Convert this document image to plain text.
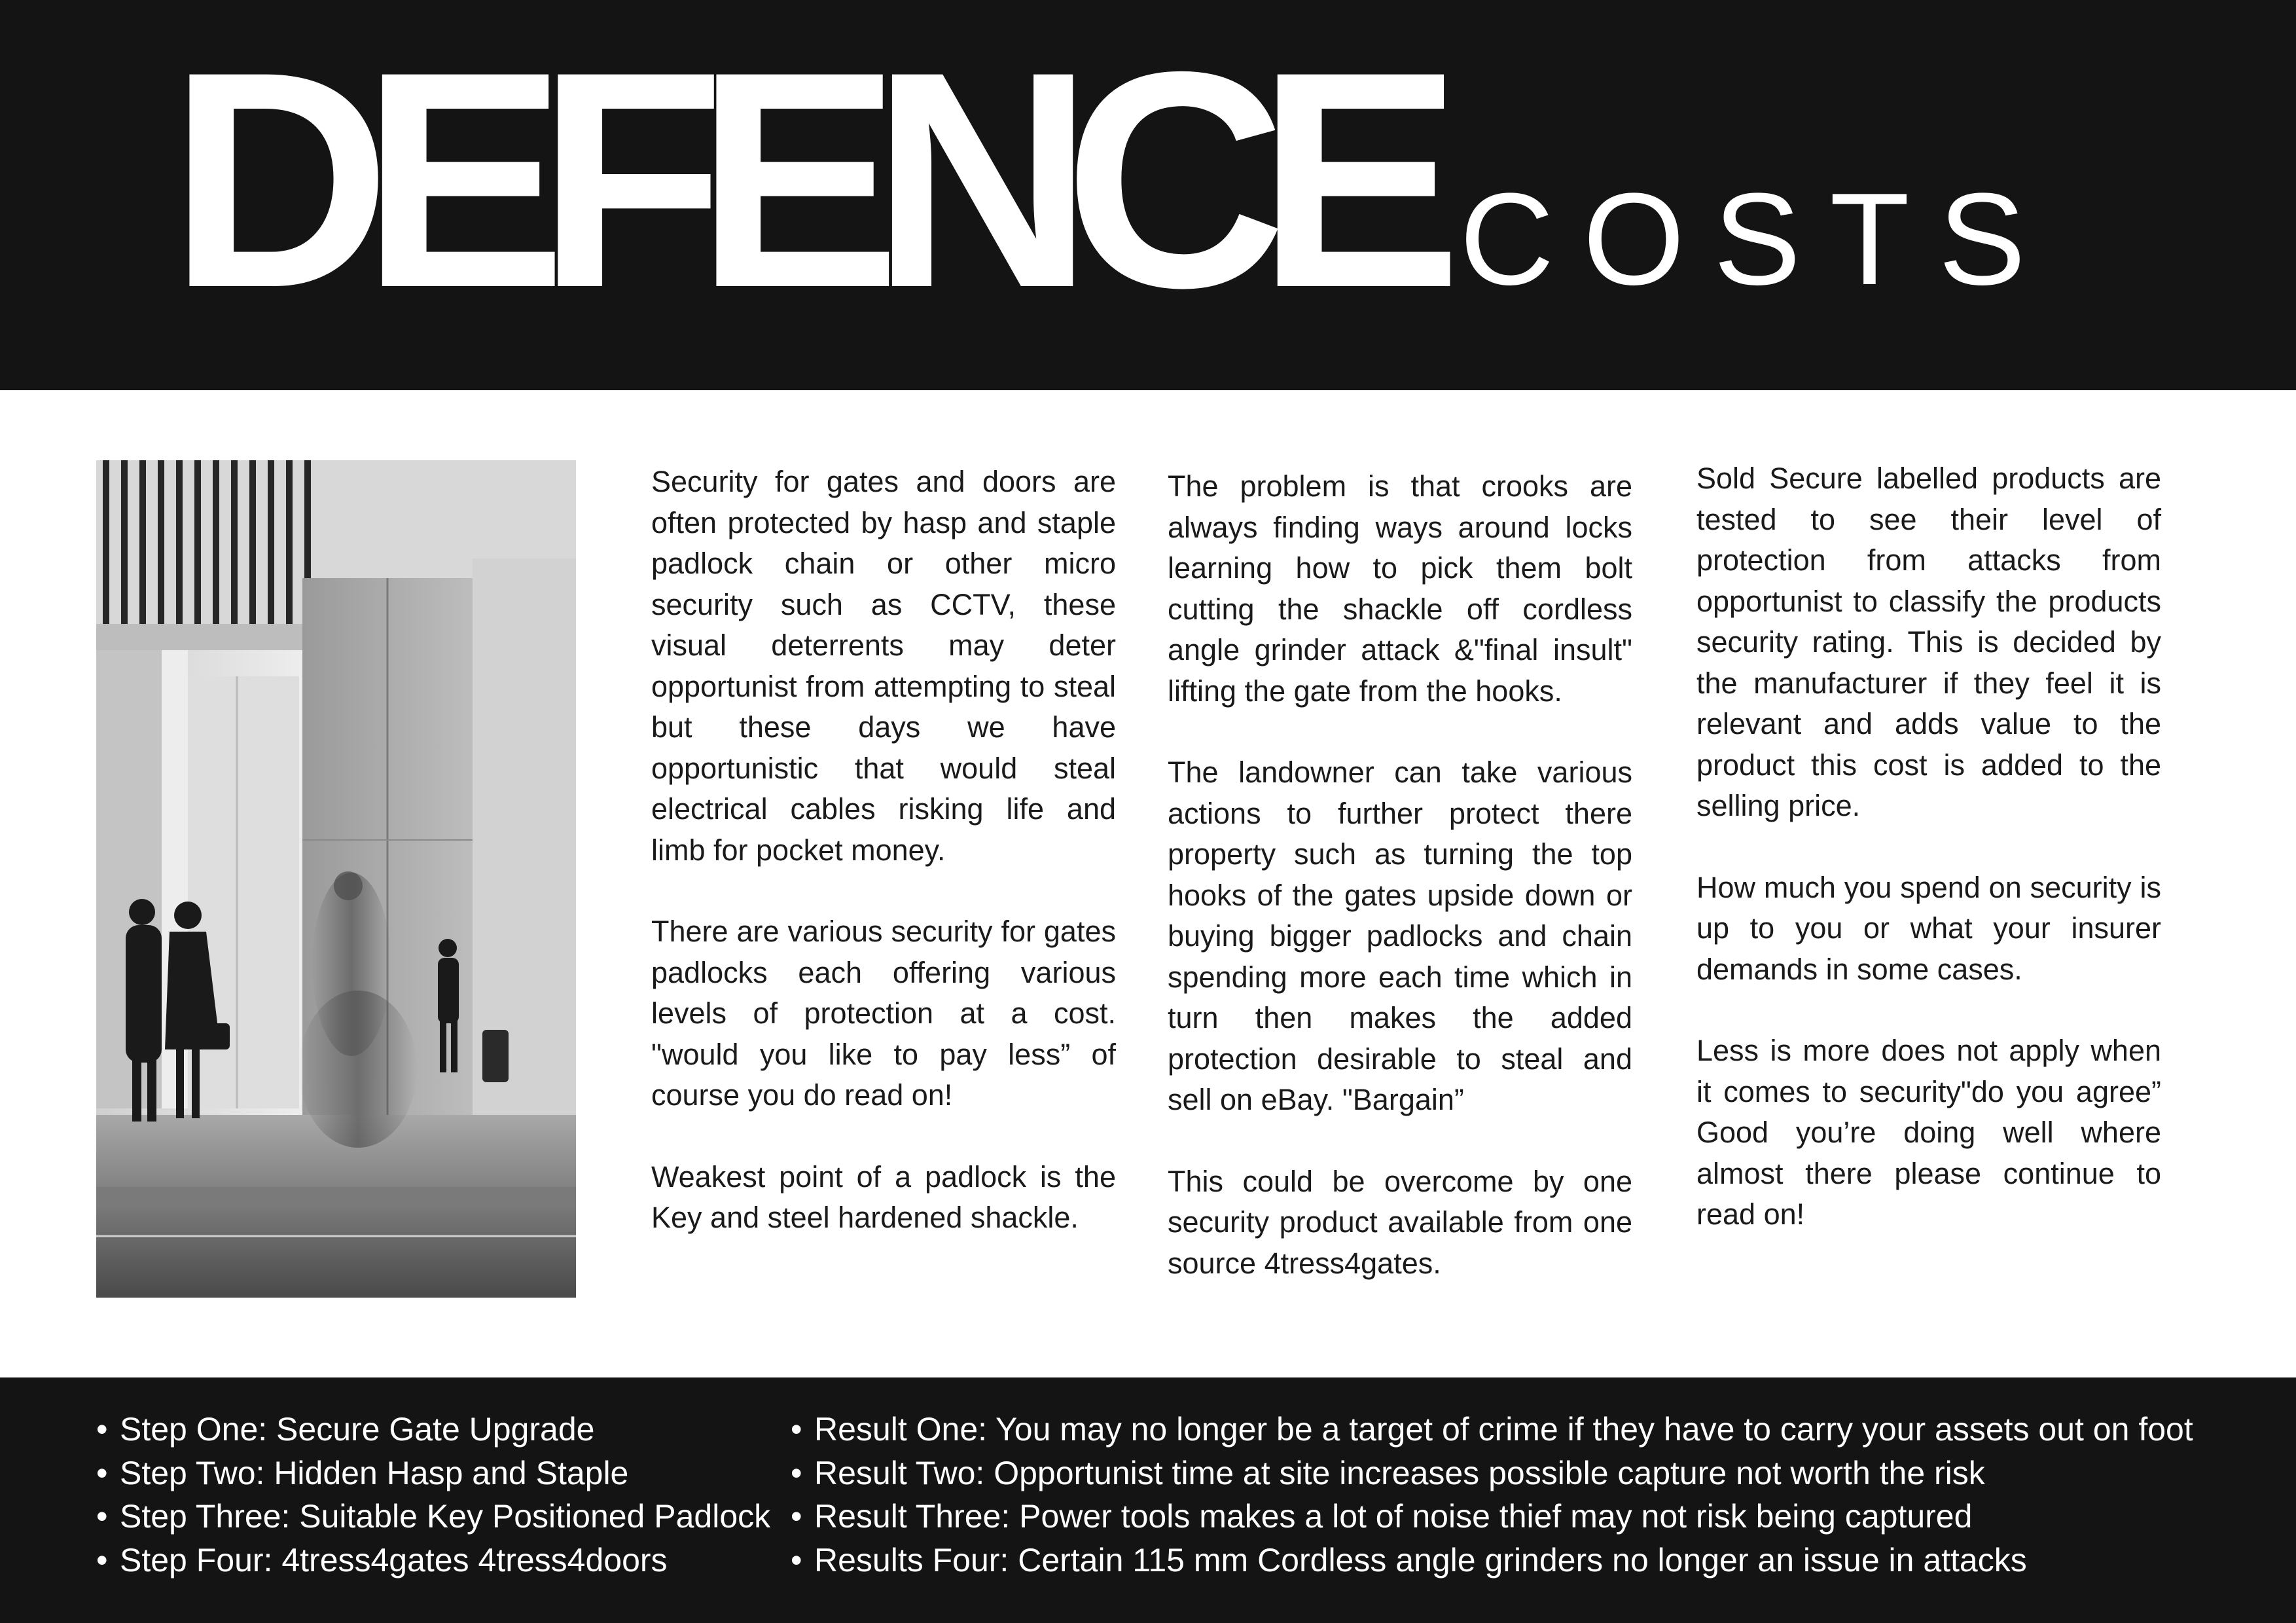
DEFENCE COSTS

Security for gates and doors are often protected by hasp and staple padlock chain or other micro security such as CCTV, these visual deterrents may deter opportunist from attempting to steal but these days we have opportunistic that would steal electrical cables risking life and limb for pocket money.

There are various security for gates padlocks each offering various levels of protection at a cost. "would you like to pay less” of course you do read on!

Weakest point of a padlock is the Key and steel hardened shackle.

The problem is that crooks are always finding ways around locks learning how to pick them bolt cutting the shackle off cordless angle grinder attack &"final insult" lifting the gate from the hooks.

The landowner can take various actions to further protect there property such as turning the top hooks of the gates upside down or buying bigger padlocks and chain spending more each time which in turn then makes the added protection desirable to steal and sell on eBay. "Bargain”

This could be overcome by one security product available from one source 4tress4gates.

Sold Secure labelled products are tested to see their level of protection from attacks from opportunist to classify the products security rating. This is decided by the manufacturer if they feel it is relevant and adds value to the product this cost is added to the selling price.

How much you spend on security is up to you or what your insurer demands in some cases.

Less is more does not apply when it comes to security"do you agree” Good you’re doing well where almost there please continue to read on!

• Step One: Secure Gate Upgrade
• Step Two: Hidden Hasp and Staple
• Step Three: Suitable Key Positioned Padlock
• Step Four: 4tress4gates 4tress4doors
• Result One: You may no longer be a target of crime if they have to carry your assets out on foot
• Result Two: Opportunist time at site increases possible capture not worth the risk
• Result Three: Power tools makes a lot of noise thief may not risk being captured
• Results Four: Certain 115 mm Cordless angle grinders no longer an issue in attacks
